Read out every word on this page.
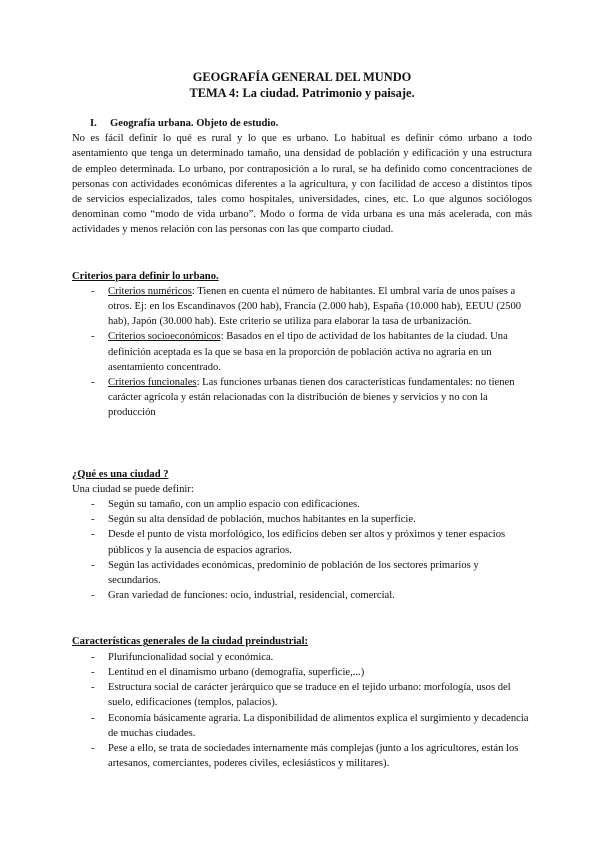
GEOGRAFÍA GENERAL DEL MUNDO
TEMA 4: La ciudad. Patrimonio y paisaje.
I. Geografía urbana. Objeto de estudio.
No es fácil definir lo qué es rural y lo que es urbano. Lo habitual es definir cómo urbano a todo asentamiento que tenga un determinado tamaño, una densidad de población y edificación y una estructura de empleo determinada. Lo urbano, por contraposición a lo rural, se ha definido como concentraciones de personas con actividades económicas diferentes a la agricultura, y con facilidad de acceso a distintos tipos de servicios especializados, tales como hospitales, universidades, cines, etc. Lo que algunos sociólogos denominan como “modo de vida urbano”. Modo o forma de vida urbana es una más acelerada, con más actividades y menos relación con las personas con las que comparto ciudad.
Criterios para definir lo urbano.
- Criterios numéricos: Tienen en cuenta el número de habitantes. El umbral varía de unos países a otros. Ej: en los Escandinavos (200 hab), Francia (2.000 hab), España (10.000 hab), EEUU (2500 hab), Japón (30.000 hab). Este criterio se utiliza para elaborar la tasa de urbanización.
- Criterios socioeconómicos: Basados en el tipo de actividad de los habitantes de la ciudad. Una definición aceptada es la que se basa en la proporción de población activa no agraria en un asentamiento concentrado.
- Criterios funcionales: Las funciones urbanas tienen dos características fundamentales: no tienen carácter agrícola y están relacionadas con la distribución de bienes y servicios y no con la producción
¿Qué es una ciudad ?
Una ciudad se puede definir:
- Según su tamaño, con un amplio espacio con edificaciones.
- Según su alta densidad de población, muchos habitantes en la superficie.
- Desde el punto de vista morfológico, los edificios deben ser altos y próximos y tener espacios públicos y la ausencia de espacios agrarios.
- Según las actividades económicas, predominio de población de los sectores primarios y secundarios.
- Gran variedad de funciones: ocio, industrial, residencial, comercial.
Características generales de la ciudad preindustrial:
- Plurifuncionalidad social y económica.
- Lentitud en el dinamismo urbano (demografía, superficie,...)
- Estructura social de carácter jerárquico que se traduce en el tejido urbano: morfología, usos del suelo, edificaciones (templos, palacios).
- Economía básicamente agraria. La disponibilidad de alimentos explica el surgimiento y decadencia de muchas ciudades.
- Pese a ello, se trata de sociedades internamente más complejas (junto a los agricultores, están los artesanos, comerciantes, poderes civiles, eclesiásticos y militares).
